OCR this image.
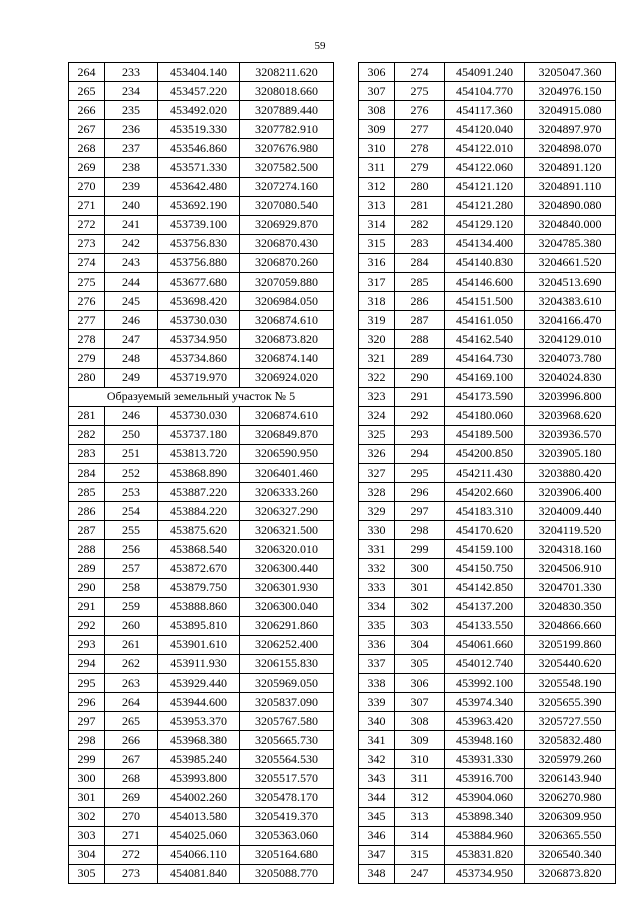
59
264	233	453404.140	3208211.620
265	234	453457.220	3208018.660
266	235	453492.020	3207889.440
267	236	453519.330	3207782.910
268	237	453546.860	3207676.980
269	238	453571.330	3207582.500
270	239	453642.480	3207274.160
271	240	453692.190	3207080.540
272	241	453739.100	3206929.870
273	242	453756.830	3206870.430
274	243	453756.880	3206870.260
275	244	453677.680	3207059.880
276	245	453698.420	3206984.050
277	246	453730.030	3206874.610
278	247	453734.950	3206873.820
279	248	453734.860	3206874.140
280	249	453719.970	3206924.020
Образуемый земельный участок № 5			
281	246	453730.030	3206874.610
282	250	453737.180	3206849.870
283	251	453813.720	3206590.950
284	252	453868.890	3206401.460
285	253	453887.220	3206333.260
286	254	453884.220	3206327.290
287	255	453875.620	3206321.500
288	256	453868.540	3206320.010
289	257	453872.670	3206300.440
290	258	453879.750	3206301.930
291	259	453888.860	3206300.040
292	260	453895.810	3206291.860
293	261	453901.610	3206252.400
294	262	453911.930	3206155.830
295	263	453929.440	3205969.050
296	264	453944.600	3205837.090
297	265	453953.370	3205767.580
298	266	453968.380	3205665.730
299	267	453985.240	3205564.530
300	268	453993.800	3205517.570
301	269	454002.260	3205478.170
302	270	454013.580	3205419.370
303	271	454025.060	3205363.060
304	272	454066.110	3205164.680
305	273	454081.840	3205088.770
306	274	454091.240	3205047.360
307	275	454104.770	3204976.150
308	276	454117.360	3204915.080
309	277	454120.040	3204897.970
310	278	454122.010	3204898.070
311	279	454122.060	3204891.120
312	280	454121.120	3204891.110
313	281	454121.280	3204890.080
314	282	454129.120	3204840.000
315	283	454134.400	3204785.380
316	284	454140.830	3204661.520
317	285	454146.600	3204513.690
318	286	454151.500	3204383.610
319	287	454161.050	3204166.470
320	288	454162.540	3204129.010
321	289	454164.730	3204073.780
322	290	454169.100	3204024.830
323	291	454173.590	3203996.800
324	292	454180.060	3203968.620
325	293	454189.500	3203936.570
326	294	454200.850	3203905.180
327	295	454211.430	3203880.420
328	296	454202.660	3203906.400
329	297	454183.310	3204009.440
330	298	454170.620	3204119.520
331	299	454159.100	3204318.160
332	300	454150.750	3204506.910
333	301	454142.850	3204701.330
334	302	454137.200	3204830.350
335	303	454133.550	3204866.660
336	304	454061.660	3205199.860
337	305	454012.740	3205440.620
338	306	453992.100	3205548.190
339	307	453974.340	3205655.390
340	308	453963.420	3205727.550
341	309	453948.160	3205832.480
342	310	453931.330	3205979.260
343	311	453916.700	3206143.940
344	312	453904.060	3206270.980
345	313	453898.340	3206309.950
346	314	453884.960	3206365.550
347	315	453831.820	3206540.340
348	247	453734.950	3206873.820
